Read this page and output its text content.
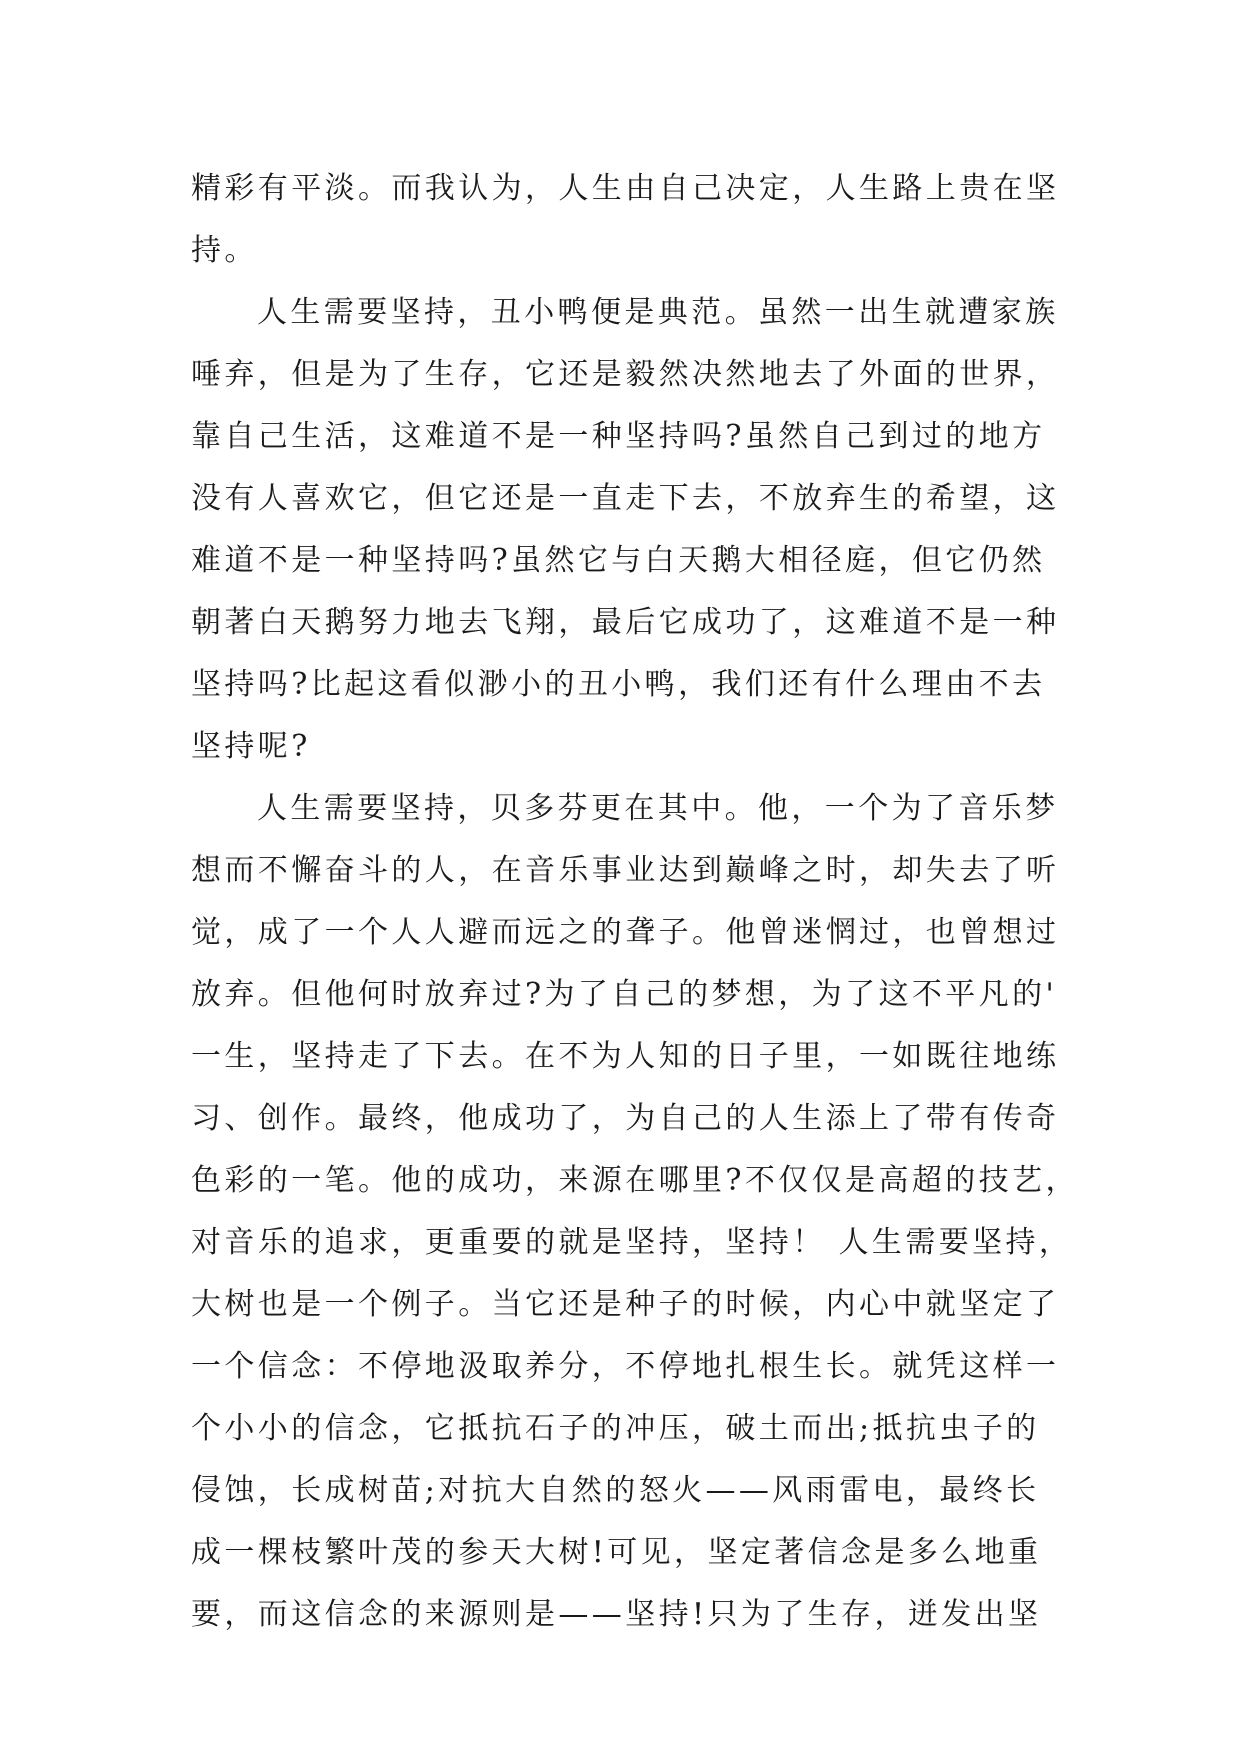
精彩有平淡。而我认为，人生由自己决定，人生路上贵在坚
持。
人生需要坚持，丑小鸭便是典范。虽然一出生就遭家族
唾弃，但是为了生存，它还是毅然决然地去了外面的世界，
靠自己生活，这难道不是一种坚持吗?虽然自己到过的地方
没有人喜欢它，但它还是一直走下去，不放弃生的希望，这
难道不是一种坚持吗?虽然它与白天鹅大相径庭，但它仍然
朝著白天鹅努力地去飞翔，最后它成功了，这难道不是一种
坚持吗?比起这看似渺小的丑小鸭，我们还有什么理由不去
坚持呢?
人生需要坚持，贝多芬更在其中。他，一个为了音乐梦
想而不懈奋斗的人，在音乐事业达到巅峰之时，却失去了听
觉，成了一个人人避而远之的聋子。他曾迷惘过，也曾想过
放弃。但他何时放弃过?为了自己的梦想，为了这不平凡的'
一生，坚持走了下去。在不为人知的日子里，一如既往地练
习、创作。最终，他成功了，为自己的人生添上了带有传奇
色彩的一笔。他的成功，来源在哪里?不仅仅是高超的技艺，
对音乐的追求，更重要的就是坚持，坚持！ 人生需要坚持，
大树也是一个例子。当它还是种子的时候，内心中就坚定了
一个信念：不停地汲取养分，不停地扎根生长。就凭这样一
个小小的信念，它抵抗石子的冲压，破土而出;抵抗虫子的
侵蚀，长成树苗;对抗大自然的怒火——风雨雷电，最终长
成一棵枝繁叶茂的参天大树!可见，坚定著信念是多么地重
要，而这信念的来源则是——坚持!只为了生存，迸发出坚
